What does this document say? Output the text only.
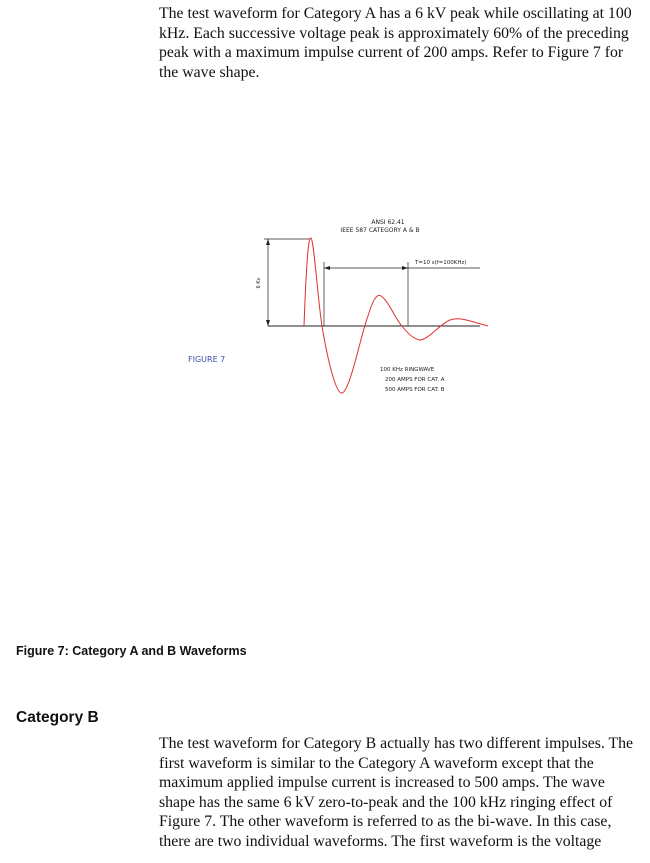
The test waveform for Category A has a 6 kV peak while oscillating at 100 kHz. Each successive voltage peak is approximately 60% of the preceding peak with a maximum impulse current of 200 amps. Refer to Figure 7 for the wave shape.

ANSI 62.41
IEEE 587 CATEGORY A & B
6 Kv
T=10 s(f=100KHz)
FIGURE 7
100 KHz RINGWAVE
200 AMPS FOR CAT. A
500 AMPS FOR CAT. B

Figure 7: Category A and B Waveforms

Category B

The test waveform for Category B actually has two different impulses. The first waveform is similar to the Category A waveform except that the maximum applied impulse current is increased to 500 amps. The wave shape has the same 6 kV zero-to-peak and the 100 kHz ringing effect of Figure 7. The other waveform is referred to as the bi-wave. In this case, there are two individual waveforms. The first waveform is the voltage
